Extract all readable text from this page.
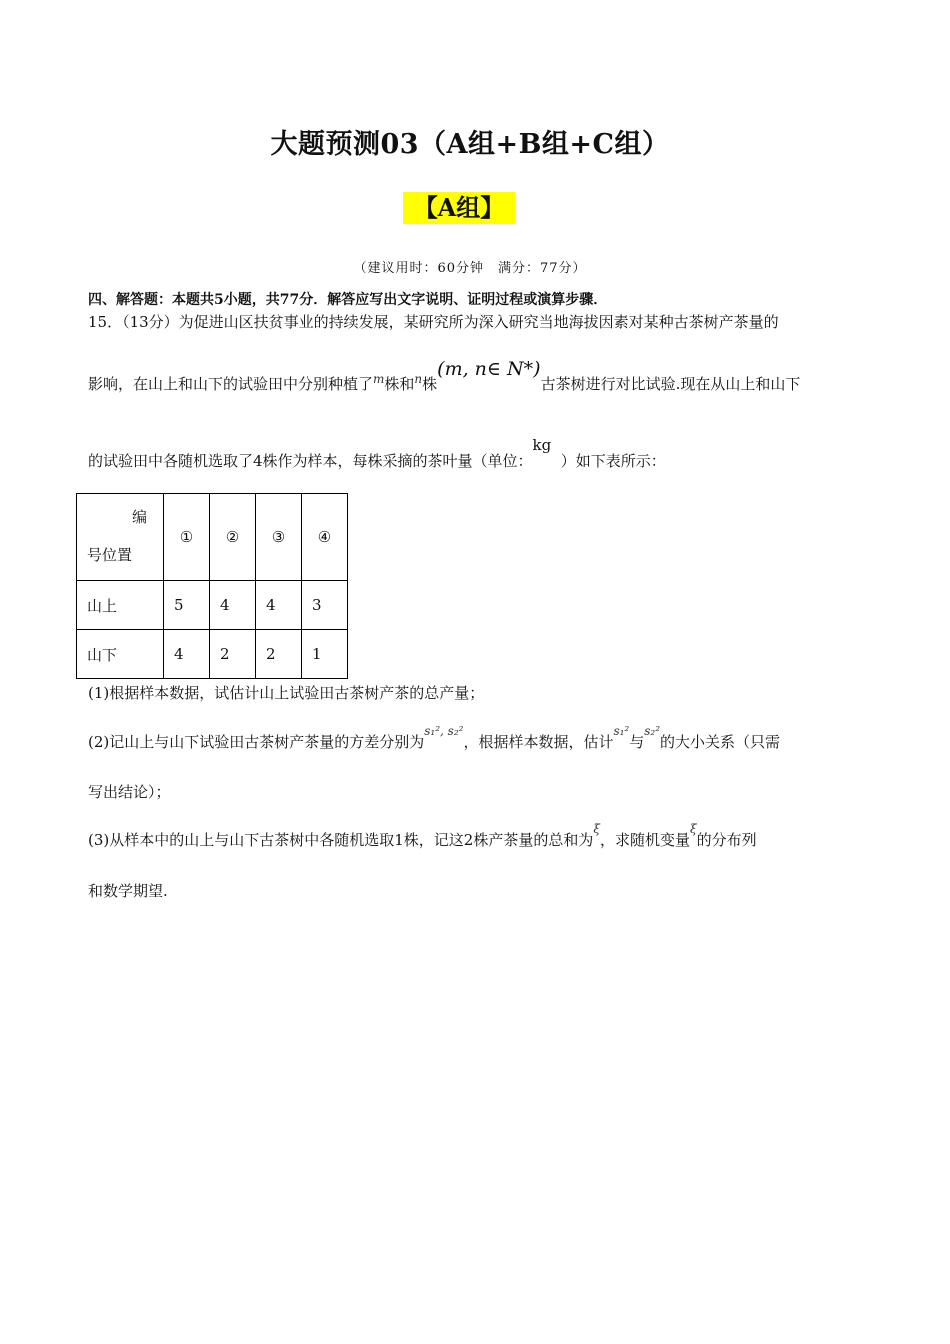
大题预测03（A组+B组+C组）
【A组】
（建议用时：60分钟　满分：77分）
四、解答题：本题共5小题，共77分．解答应写出文字说明、证明过程或演算步骤．
15．（13分）为促进山区扶贫事业的持续发展，某研究所为深入研究当地海拔因素对某种古茶树产茶量的
影响，在山上和山下的试验田中分别种植了m株和n株(m, n∈ N*)古茶树进行对比试验.现在从山上和山下
的试验田中各随机选取了4株作为样本，每株采摘的茶叶量（单位：kg  ）如下表所示：
编
号位置	①	②	③	④
山上	5	4	4	3
山下	4	2	2	1
(1)根据样本数据，试估计山上试验田古茶树产茶的总产量；
(2)记山上与山下试验田古茶树产茶量的方差分别为s₁², s₂²，根据样本数据，估计s₁²与s₂²的大小关系（只需
写出结论）；
(3)从样本中的山上与山下古茶树中各随机选取1株，记这2株产茶量的总和为ξ，求随机变量ξ的分布列
和数学期望.
